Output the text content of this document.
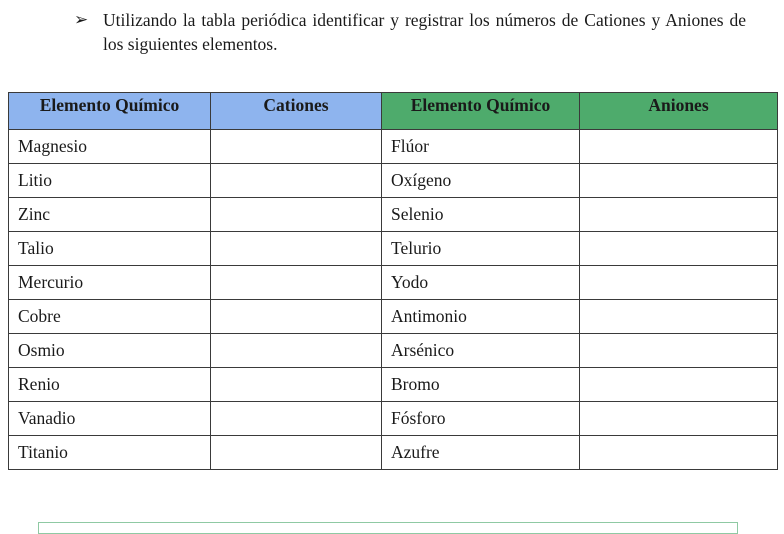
➢ Utilizando la tabla periódica identificar y registrar los números de Cationes y Aniones de los siguientes elementos.
Elemento Químico	Cationes	Elemento Químico	Aniones
Magnesio		Flúor	
Litio		Oxígeno	
Zinc		Selenio	
Talio		Telurio	
Mercurio		Yodo	
Cobre		Antimonio	
Osmio		Arsénico	
Renio		Bromo	
Vanadio		Fósforo	
Titanio		Azufre	
